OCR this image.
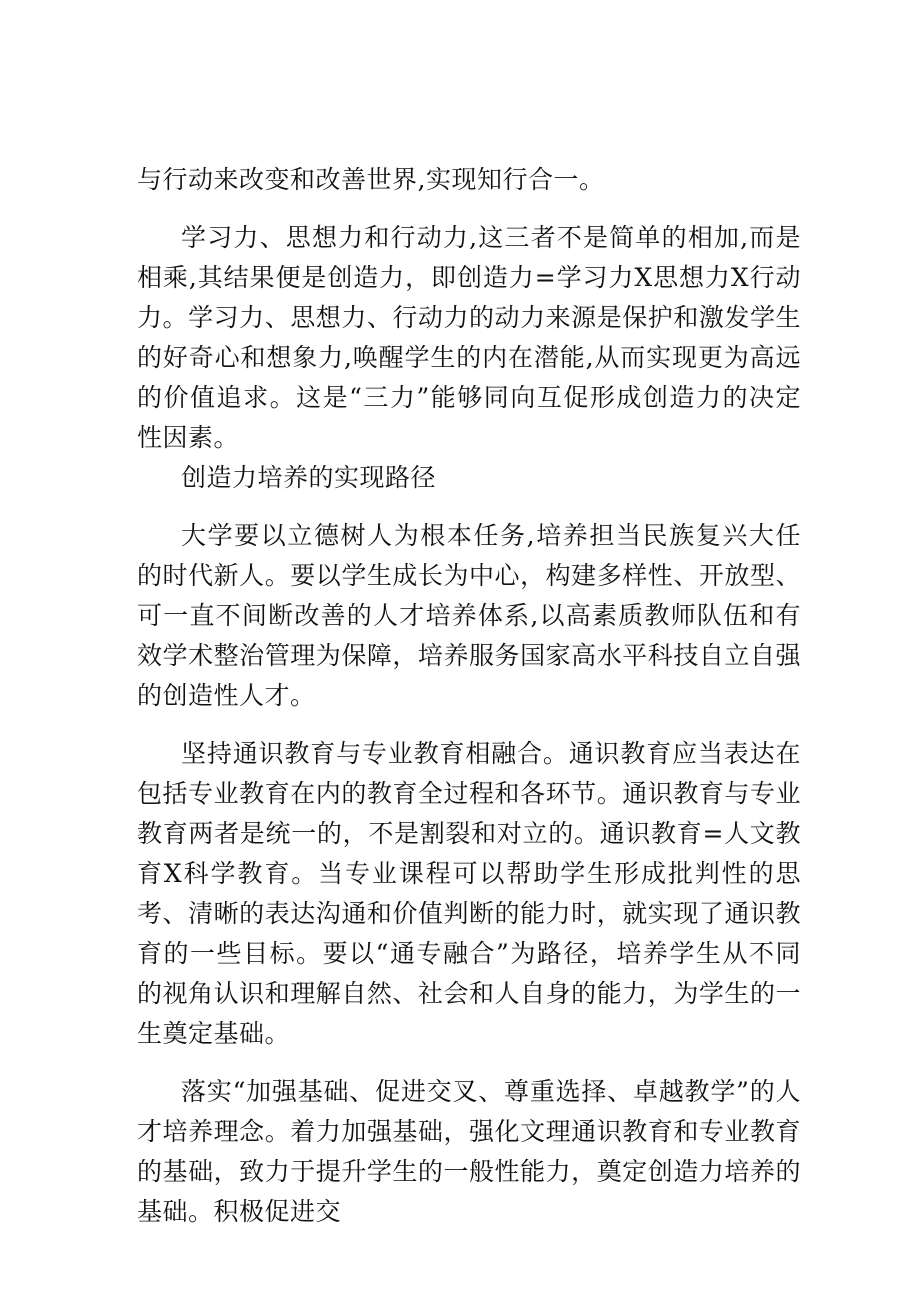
与行动来改变和改善世界,实现知行合一。

学习力、思想力和行动力,这三者不是简单的相加,而是相乘,其结果便是创造力，即创造力=学习力X思想力X行动力。学习力、思想力、行动力的动力来源是保护和激发学生的好奇心和想象力,唤醒学生的内在潜能,从而实现更为高远的价值追求。这是“三力”能够同向互促形成创造力的决定性因素。

创造力培养的实现路径

大学要以立德树人为根本任务,培养担当民族复兴大任的时代新人。要以学生成长为中心，构建多样性、开放型、可一直不间断改善的人才培养体系,以高素质教师队伍和有效学术整治管理为保障，培养服务国家高水平科技自立自强的创造性人才。

坚持通识教育与专业教育相融合。通识教育应当表达在包括专业教育在内的教育全过程和各环节。通识教育与专业教育两者是统一的，不是割裂和对立的。通识教育=人文教育X科学教育。当专业课程可以帮助学生形成批判性的思考、清晰的表达沟通和价值判断的能力时，就实现了通识教育的一些目标。要以“通专融合”为路径，培养学生从不同的视角认识和理解自然、社会和人自身的能力，为学生的一生奠定基础。

落实“加强基础、促进交叉、尊重选择、卓越教学”的人才培养理念。着力加强基础，强化文理通识教育和专业教育的基础，致力于提升学生的一般性能力，奠定创造力培养的基础。积极促进交
